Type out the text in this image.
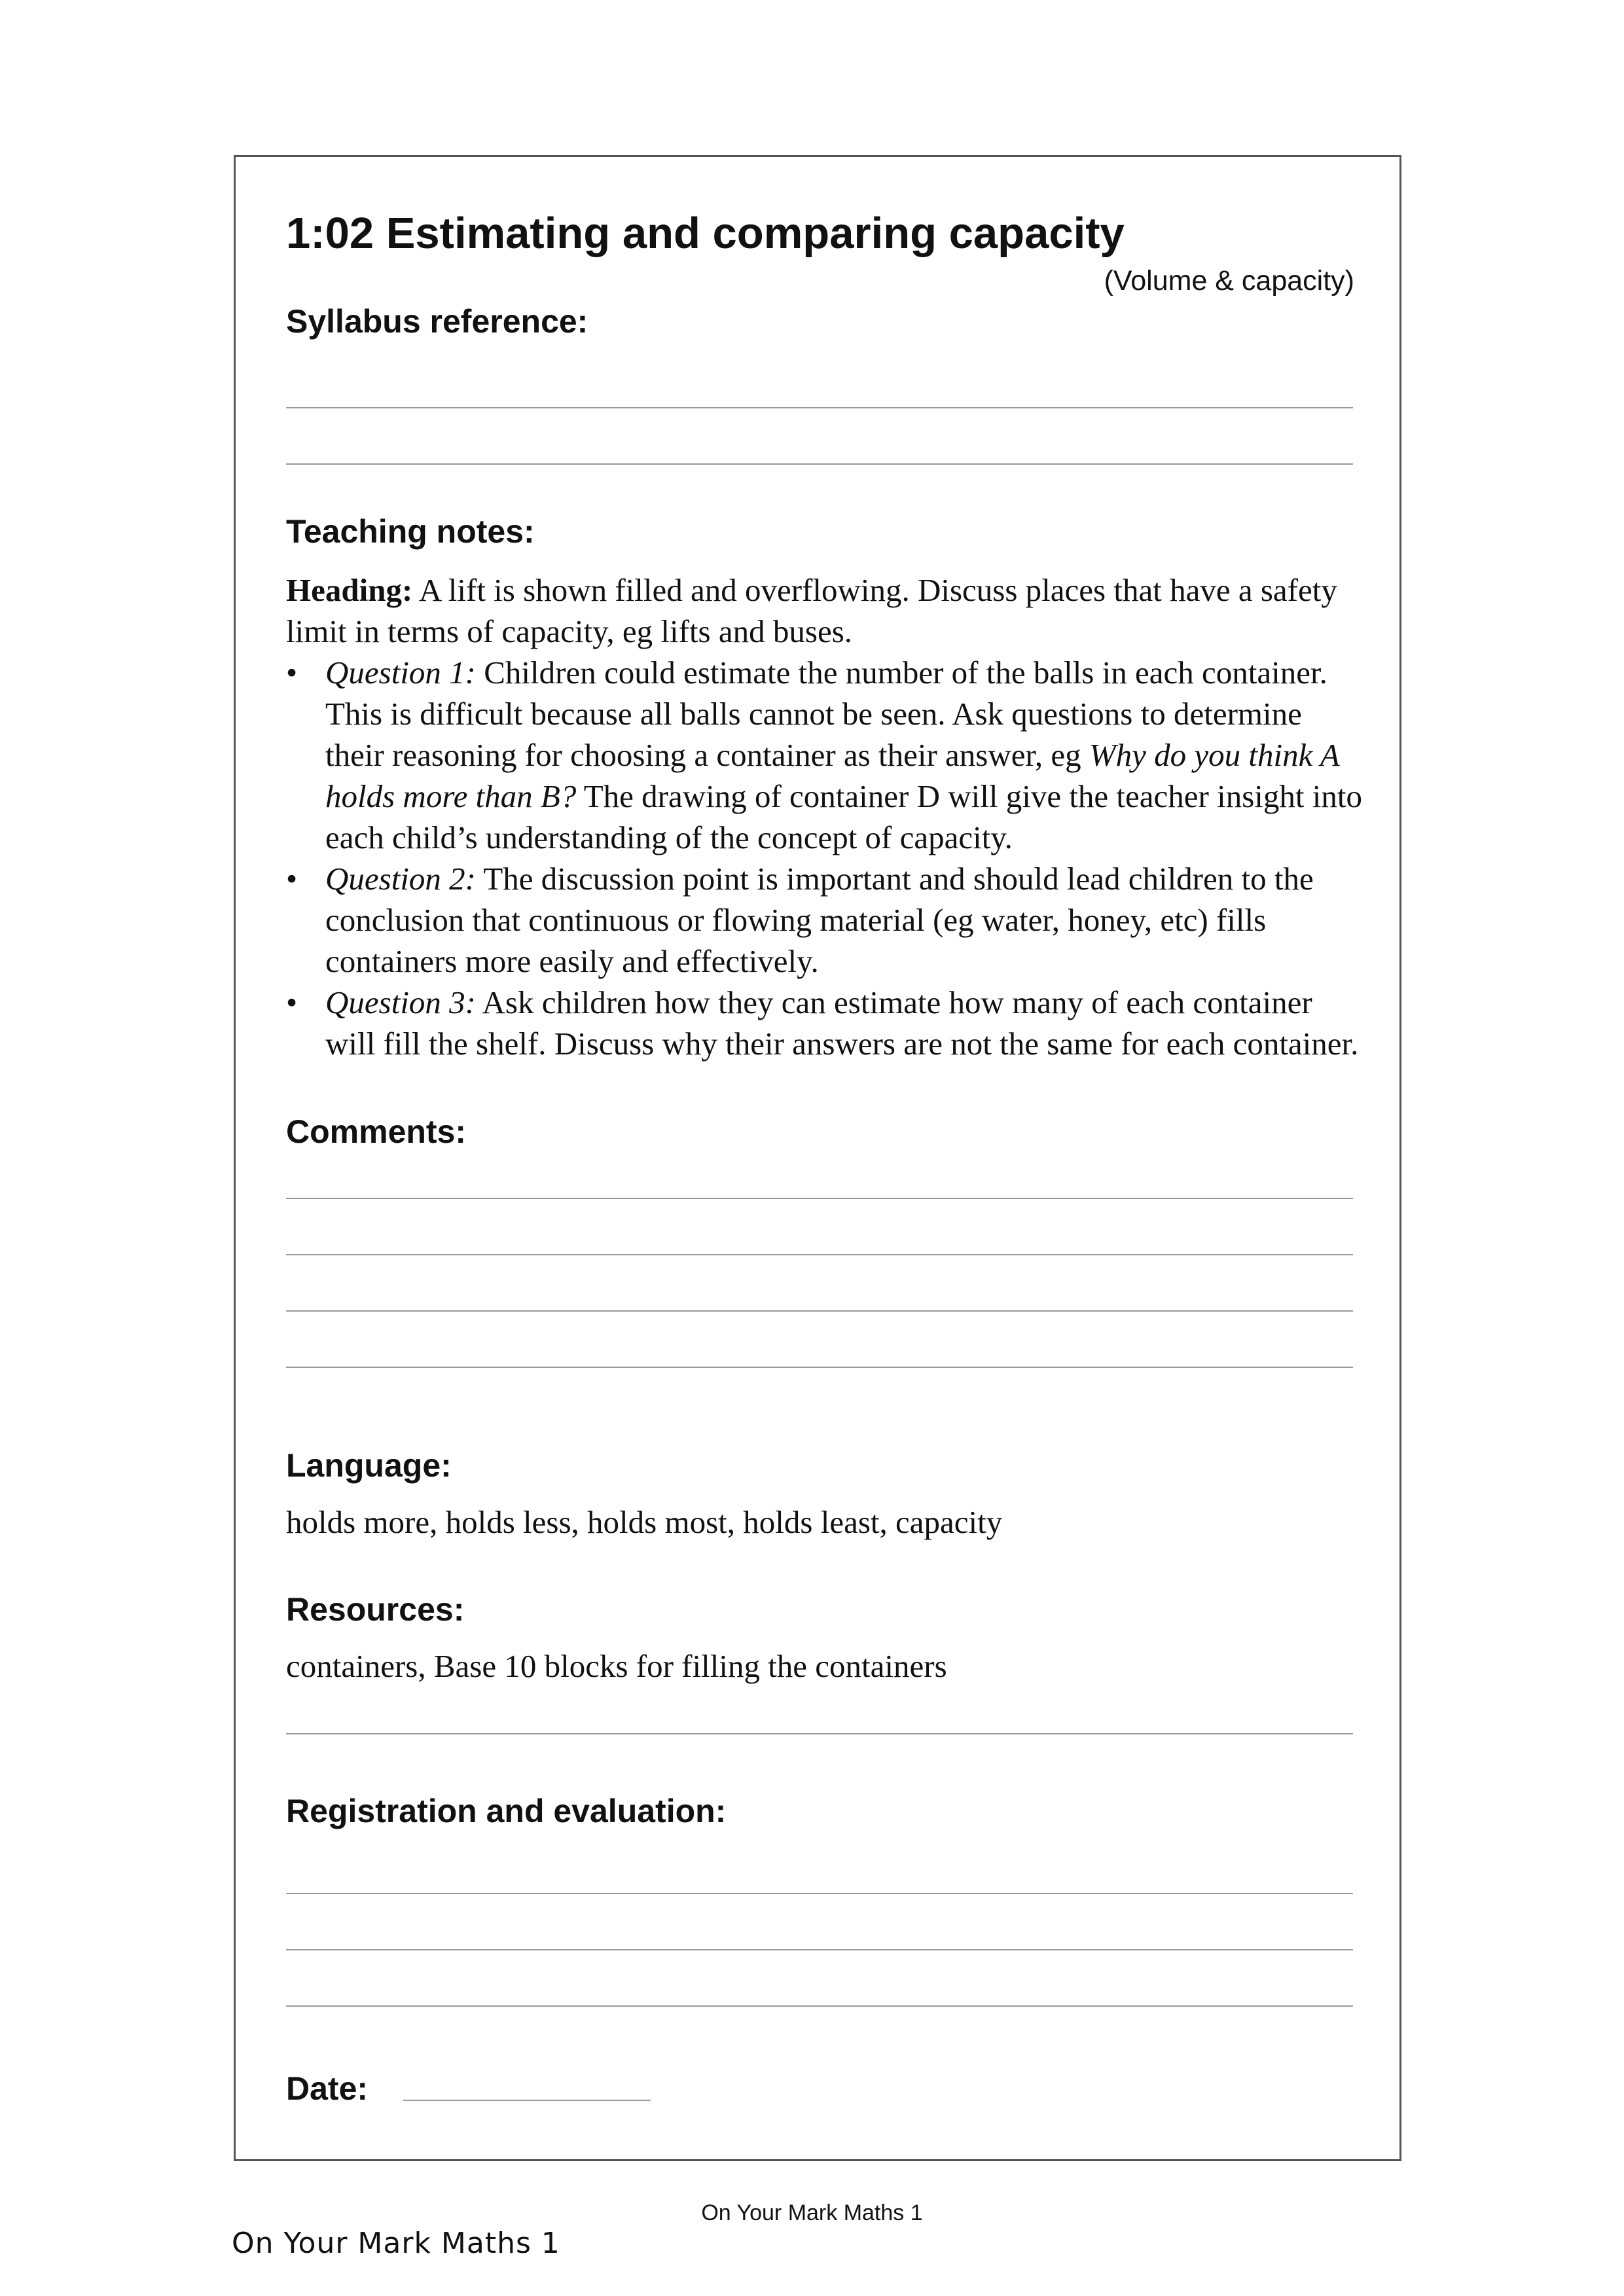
1:02 Estimating and comparing capacity
(Volume & capacity)
Syllabus reference:
Teaching notes:
Heading: A lift is shown filled and overflowing. Discuss places that have a safety limit in terms of capacity, eg lifts and buses.
• Question 1: Children could estimate the number of the balls in each container. This is difficult because all balls cannot be seen. Ask questions to determine their reasoning for choosing a container as their answer, eg Why do you think A holds more than B? The drawing of container D will give the teacher insight into each child’s understanding of the concept of capacity.
• Question 2: The discussion point is important and should lead children to the conclusion that continuous or flowing material (eg water, honey, etc) fills containers more easily and effectively.
• Question 3: Ask children how they can estimate how many of each container will fill the shelf. Discuss why their answers are not the same for each container.
Comments:
Language:
holds more, holds less, holds most, holds least, capacity
Resources:
containers, Base 10 blocks for filling the containers
Registration and evaluation:
Date:
On Your Mark Maths 1
On Your Mark Maths 1
